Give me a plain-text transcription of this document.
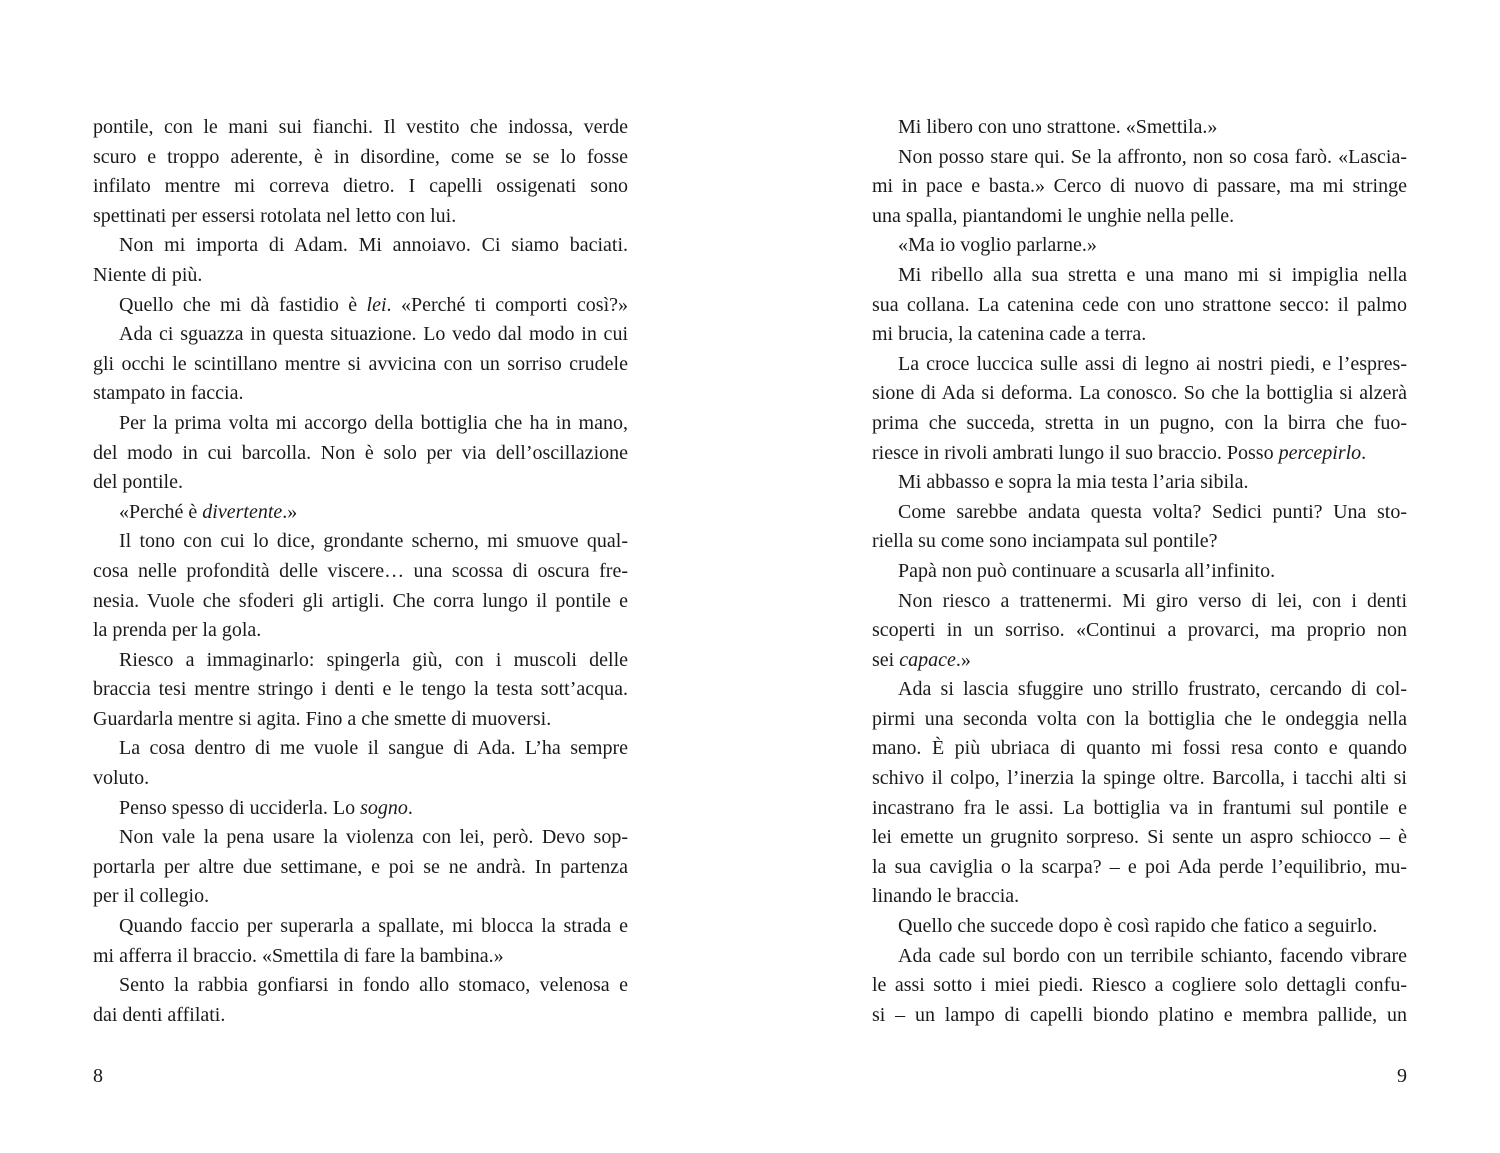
pontile, con le mani sui fianchi. Il vestito che indossa, verde
scuro e troppo aderente, è in disordine, come se se lo fosse
infilato mentre mi correva dietro. I capelli ossigenati sono
spettinati per essersi rotolata nel letto con lui.
Non mi importa di Adam. Mi annoiavo. Ci siamo baciati.
Niente di più.
Quello che mi dà fastidio è lei. «Perché ti comporti così?»
Ada ci sguazza in questa situazione. Lo vedo dal modo in cui
gli occhi le scintillano mentre si avvicina con un sorriso crudele
stampato in faccia.
Per la prima volta mi accorgo della bottiglia che ha in mano,
del modo in cui barcolla. Non è solo per via dell’oscillazione
del pontile.
«Perché è divertente.»
Il tono con cui lo dice, grondante scherno, mi smuove qual-
cosa nelle profondità delle viscere… una scossa di oscura fre-
nesia. Vuole che sfoderi gli artigli. Che corra lungo il pontile e
la prenda per la gola.
Riesco a immaginarlo: spingerla giù, con i muscoli delle
braccia tesi mentre stringo i denti e le tengo la testa sott’acqua.
Guardarla mentre si agita. Fino a che smette di muoversi.
La cosa dentro di me vuole il sangue di Ada. L’ha sempre
voluto.
Penso spesso di ucciderla. Lo sogno.
Non vale la pena usare la violenza con lei, però. Devo sop-
portarla per altre due settimane, e poi se ne andrà. In partenza
per il collegio.
Quando faccio per superarla a spallate, mi blocca la strada e
mi afferra il braccio. «Smettila di fare la bambina.»
Sento la rabbia gonfiarsi in fondo allo stomaco, velenosa e
dai denti affilati.
8
Mi libero con uno strattone. «Smettila.»
Non posso stare qui. Se la affronto, non so cosa farò. «Lascia-
mi in pace e basta.» Cerco di nuovo di passare, ma mi stringe
una spalla, piantandomi le unghie nella pelle.
«Ma io voglio parlarne.»
Mi ribello alla sua stretta e una mano mi si impiglia nella
sua collana. La catenina cede con uno strattone secco: il palmo
mi brucia, la catenina cade a terra.
La croce luccica sulle assi di legno ai nostri piedi, e l’espres-
sione di Ada si deforma. La conosco. So che la bottiglia si alzerà
prima che succeda, stretta in un pugno, con la birra che fuo-
riesce in rivoli ambrati lungo il suo braccio. Posso percepirlo.
Mi abbasso e sopra la mia testa l’aria sibila.
Come sarebbe andata questa volta? Sedici punti? Una sto-
riella su come sono inciampata sul pontile?
Papà non può continuare a scusarla all’infinito.
Non riesco a trattenermi. Mi giro verso di lei, con i denti
scoperti in un sorriso. «Continui a provarci, ma proprio non
sei capace.»
Ada si lascia sfuggire uno strillo frustrato, cercando di col-
pirmi una seconda volta con la bottiglia che le ondeggia nella
mano. È più ubriaca di quanto mi fossi resa conto e quando
schivo il colpo, l’inerzia la spinge oltre. Barcolla, i tacchi alti si
incastrano fra le assi. La bottiglia va in frantumi sul pontile e
lei emette un grugnito sorpreso. Si sente un aspro schiocco – è
la sua caviglia o la scarpa? – e poi Ada perde l’equilibrio, mu-
linando le braccia.
Quello che succede dopo è così rapido che fatico a seguirlo.
Ada cade sul bordo con un terribile schianto, facendo vibrare
le assi sotto i miei piedi. Riesco a cogliere solo dettagli confu-
si – un lampo di capelli biondo platino e membra pallide, un
9
